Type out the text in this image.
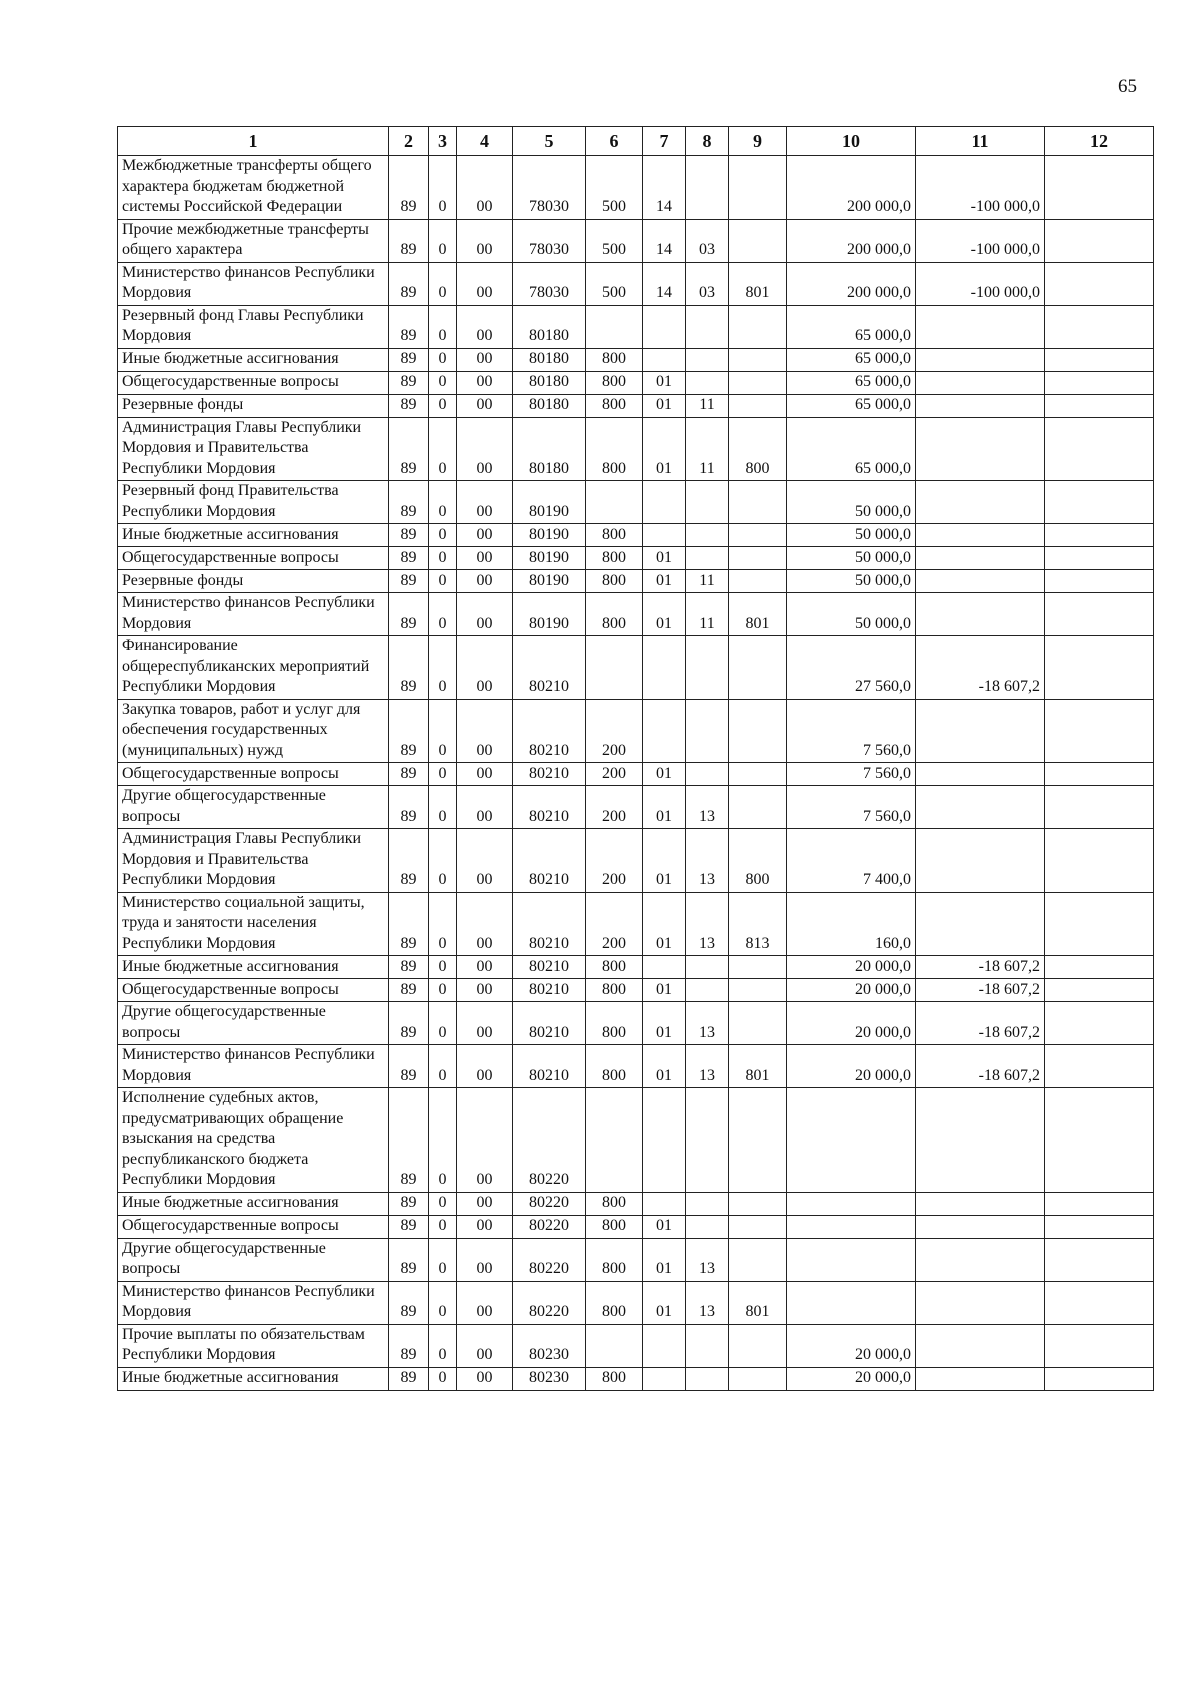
65
1	2	3	4	5	6	7	8	9	10	11	12
Межбюджетные трансферты общего характера бюджетам бюджетной системы Российской Федерации	89	0	00	78030	500	14			200 000,0	-100 000,0	
Прочие межбюджетные трансферты общего характера	89	0	00	78030	500	14	03		200 000,0	-100 000,0	
Министерство финансов Республики Мордовия	89	0	00	78030	500	14	03	801	200 000,0	-100 000,0	
Резервный фонд Главы Республики Мордовия	89	0	00	80180					65 000,0		
Иные бюджетные ассигнования	89	0	00	80180	800				65 000,0		
Общегосударственные вопросы	89	0	00	80180	800	01			65 000,0		
Резервные фонды	89	0	00	80180	800	01	11		65 000,0		
Администрация Главы Республики Мордовия и Правительства Республики Мордовия	89	0	00	80180	800	01	11	800	65 000,0		
Резервный фонд Правительства Республики Мордовия	89	0	00	80190					50 000,0		
Иные бюджетные ассигнования	89	0	00	80190	800				50 000,0		
Общегосударственные вопросы	89	0	00	80190	800	01			50 000,0		
Резервные фонды	89	0	00	80190	800	01	11		50 000,0		
Министерство финансов Республики Мордовия	89	0	00	80190	800	01	11	801	50 000,0		
Финансирование общереспубликанских мероприятий Республики Мордовия	89	0	00	80210					27 560,0	-18 607,2	
Закупка товаров, работ и услуг для обеспечения государственных (муниципальных) нужд	89	0	00	80210	200				7 560,0		
Общегосударственные вопросы	89	0	00	80210	200	01			7 560,0		
Другие общегосударственные вопросы	89	0	00	80210	200	01	13		7 560,0		
Администрация Главы Республики Мордовия и Правительства Республики Мордовия	89	0	00	80210	200	01	13	800	7 400,0		
Министерство социальной защиты, труда и занятости населения Республики Мордовия	89	0	00	80210	200	01	13	813	160,0		
Иные бюджетные ассигнования	89	0	00	80210	800				20 000,0	-18 607,2	
Общегосударственные вопросы	89	0	00	80210	800	01			20 000,0	-18 607,2	
Другие общегосударственные вопросы	89	0	00	80210	800	01	13		20 000,0	-18 607,2	
Министерство финансов Республики Мордовия	89	0	00	80210	800	01	13	801	20 000,0	-18 607,2	
Исполнение судебных актов, предусматривающих обращение взыскания на средства республиканского бюджета Республики Мордовия	89	0	00	80220							
Иные бюджетные ассигнования	89	0	00	80220	800						
Общегосударственные вопросы	89	0	00	80220	800	01					
Другие общегосударственные вопросы	89	0	00	80220	800	01	13				
Министерство финансов Республики Мордовия	89	0	00	80220	800	01	13	801			
Прочие выплаты по обязательствам Республики Мордовия	89	0	00	80230					20 000,0		
Иные бюджетные ассигнования	89	0	00	80230	800				20 000,0		
